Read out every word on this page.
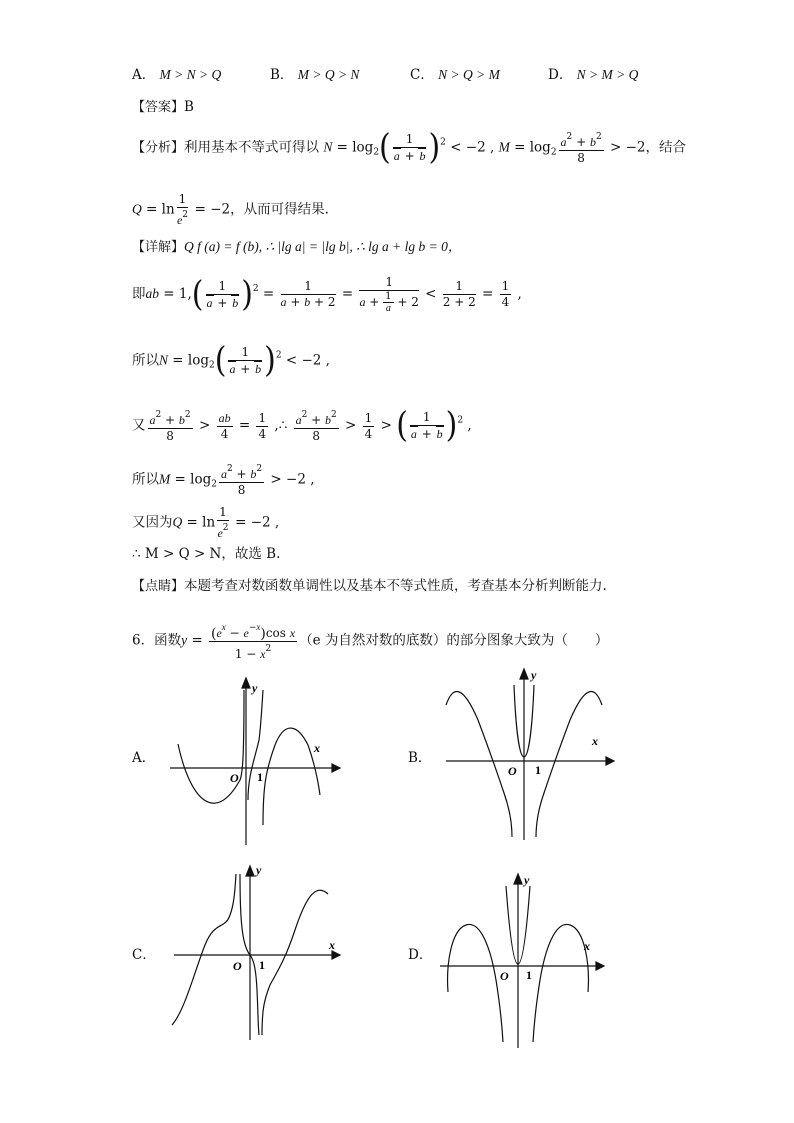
A． M > N > Q	B． M > Q > N	C． N > Q > M	D． N > M > Q
【答案】B
【分析】利用基本不等式可得以 $N = \log_2( \frac{1}{a + b} )^2 < -2$ , $M = \log_2 \frac{a^2 + b^2}{8} > -2$，结合
$Q = \ln \frac{1}{e^2} = -2$，从而可得结果.
【详解】Q f (a) = f (b), ∴ |lg a| = |lg b|, ∴ lg a + lg b = 0，
即ab = $1,( \frac{1}{a + b} )^2 = \frac{1}{a + b + 2} = \frac{1}{a + \frac{1}{a} + 2} < \frac{1}{2 + 2} = \frac{1}{4}$ ,
所以$N = \log_2( \frac{1}{a + b} )^2 < -2$ ,
又 $\frac{a^2 + b^2}{8} > \frac{ab}{4} = \frac{1}{4}$ ,∴ $\frac{a^2 + b^2}{8} > \frac{1}{4}$ > ( $\frac{1}{a + b} )^2$ ,
所以$M = \log_2 \frac{a^2 + b^2}{8} > -2$ ,
又因为$Q = \ln \frac{1}{e^2} = -2$ ,
∴ M > Q > N，故选 B.
【点睛】本题考查对数函数单调性以及基本不等式性质，考查基本分析判断能力.
6．函数$y = \frac{(e^x - e^{-x})\cos x}{1 - x^2} (e$ 为自然对数的底数）的部分图象大致为（　　）
A．	B．
C．	D．
y
x
O 1
y
x
O 1
y
x
O 1
y
x
O 1
